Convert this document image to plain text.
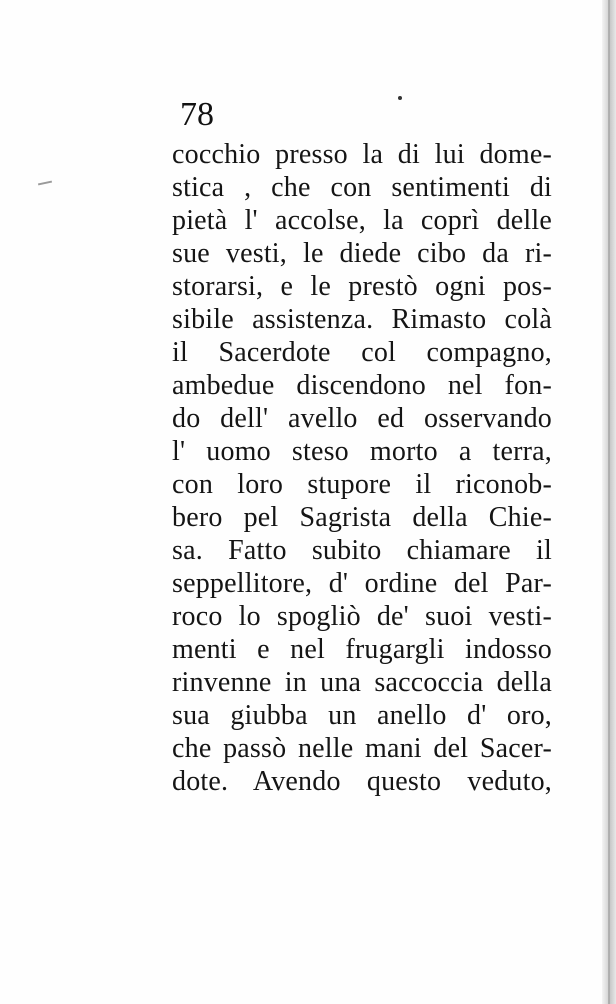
78
cocchio presso la di lui dome-
stica , che con sentimenti di
pietà l' accolse, la coprì delle
sue vesti, le diede cibo da ri-
storarsi, e le prestò ogni pos-
sibile assistenza. Rimasto colà
il Sacerdote col compagno,
ambedue discendono nel fon-
do dell' avello ed osservando
l' uomo steso morto a terra,
con loro stupore il riconob-
bero pel Sagrista della Chie-
sa. Fatto subito chiamare il
seppellitore, d' ordine del Par-
roco lo spogliò de' suoi vesti-
menti e nel frugargli indosso
rinvenne in una saccoccia della
sua giubba un anello d' oro,
che passò nelle mani del Sacer-
dote. Avendo questo veduto,
